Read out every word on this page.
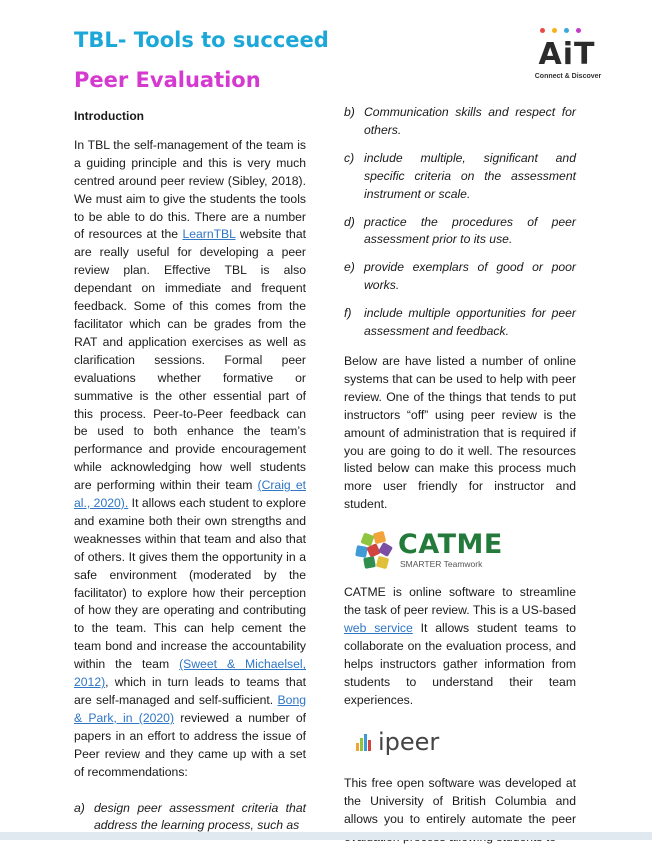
TBL- Tools to succeed
Peer Evaluation
AiT
Connect & Discover
Introduction

In TBL the self-management of the team is a guiding principle and this is very much centred around peer review (Sibley, 2018). We must aim to give the students the tools to be able to do this. There are a number of resources at the LearnTBL website that are really useful for developing a peer review plan. Effective TBL is also dependant on immediate and frequent feedback. Some of this comes from the facilitator which can be grades from the RAT and application exercises as well as clarification sessions. Formal peer evaluations whether formative or summative is the other essential part of this process. Peer-to-Peer feedback can be used to both enhance the team’s performance and provide encouragement while acknowledging how well students are performing within their team (Craig et al., 2020). It allows each student to explore and examine both their own strengths and weaknesses within that team and also that of others. It gives them the opportunity in a safe environment (moderated by the facilitator) to explore how their perception of how they are operating and contributing to the team. This can help cement the team bond and increase the accountability within the team (Sweet & Michaelsel, 2012), which in turn leads to teams that are self-managed and self-sufficient. Bong & Park, in (2020) reviewed a number of papers in an effort to address the issue of Peer review and they came up with a set of recommendations:

a) design peer assessment criteria that address the learning process, such as
b) Communication skills and respect for others.
c) include multiple, significant and specific criteria on the assessment instrument or scale.
d) practice the procedures of peer assessment prior to its use.
e) provide exemplars of good or poor works.
f)	include multiple opportunities for peer assessment and feedback.

Below are have listed a number of online systems that can be used to help with peer review. One of the things that tends to put instructors “off” using peer review is the amount of administration that is required if you are going to do it well. The resources listed below can make this process much more user friendly for instructor and student.

CATME
SMARTER Teamwork

CATME is online software to streamline the task of peer review. This is a US-based web service It allows student teams to collaborate on the evaluation process, and helps instructors gather information from students to understand their team experiences.

ipeer

This free open software was developed at the University of British Columbia and allows you to entirely automate the peer
